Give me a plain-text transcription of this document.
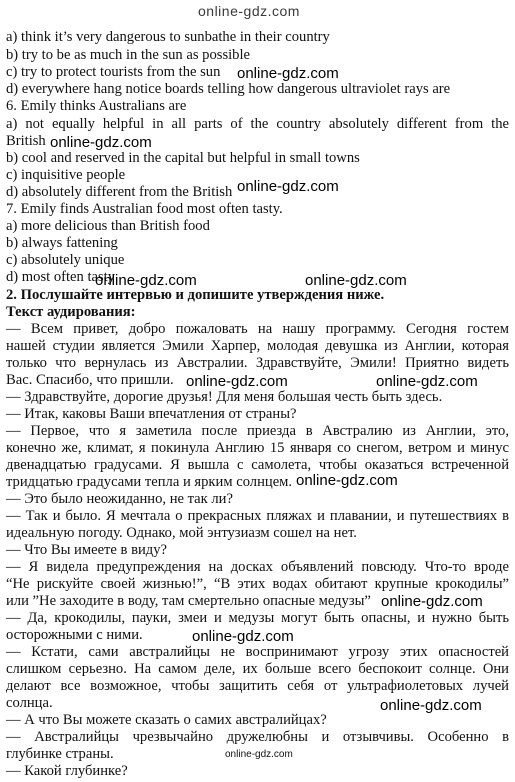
a) think it’s very dangerous to sunbathe in their country
b) try to be as much in the sun as possible
c) try to protect tourists from the sun
d) everywhere hang notice boards telling how dangerous ultraviolet rays are
6. Emily thinks Australians are
a) not equally helpful in all parts of the country absolutely different from the
British
b) cool and reserved in the capital but helpful in small towns
c) inquisitive people
d) absolutely different from the British
7. Emily finds Australian food most often tasty.
a) more delicious than British food
b) always fattening
c) absolutely unique
d) most often tasty
2. Послушайте интервью и допишите утверждения ниже.
Текст аудирования:
— Всем привет, добро пожаловать на нашу программу. Сегодня гостем
нашей студии является Эмили Харпер, молодая девушка из Англии, которая
только что вернулась из Австралии. Здравствуйте, Эмили! Приятно видеть
Вас. Спасибо, что пришли.
— Здравствуйте, дорогие друзья! Для меня большая честь быть здесь.
— Итак, каковы Ваши впечатления от страны?
— Первое, что я заметила после приезда в Австралию из Англии, это,
конечно же, климат, я покинула Англию 15 января со снегом, ветром и минус
двенадцатью градусами. Я вышла с самолета, чтобы оказаться встреченной
тридцатью градусами тепла и ярким солнцем.
— Это было неожиданно, не так ли?
— Так и было. Я мечтала о прекрасных пляжах и плавании, и путешествиях в
идеальную погоду. Однако, мой энтузиазм сошел на нет.
— Что Вы имеете в виду?
— Я видела предупреждения на досках объявлений повсюду. Что-то вроде
“Не рискуйте своей жизнью!”, “В этих водах обитают крупные крокодилы”
или ”Не заходите в воду, там смертельно опасные медузы”
— Да, крокодилы, пауки, змеи и медузы могут быть опасны, и нужно быть
осторожными с ними.
— Кстати, сами австралийцы не воспринимают угрозу этих опасностей
слишком серьезно. На самом деле, их больше всего беспокоит солнце. Они
делают все возможное, чтобы защитить себя от ультрафиолетовых лучей
солнца.
— А что Вы можете сказать о самих австралийцах?
— Австралийцы чрезвычайно дружелюбны и отзывчивы. Особенно в
глубинке страны.
— Какой глубинке?
online-gdz.com
online-gdz.com
online-gdz.com
online-gdz.com
online-gdz.com	online-gdz.com
online-gdz.com	online-gdz.com
online-gdz.com
online-gdz.com
online-gdz.com
online-gdz.com
online-gdz.com
